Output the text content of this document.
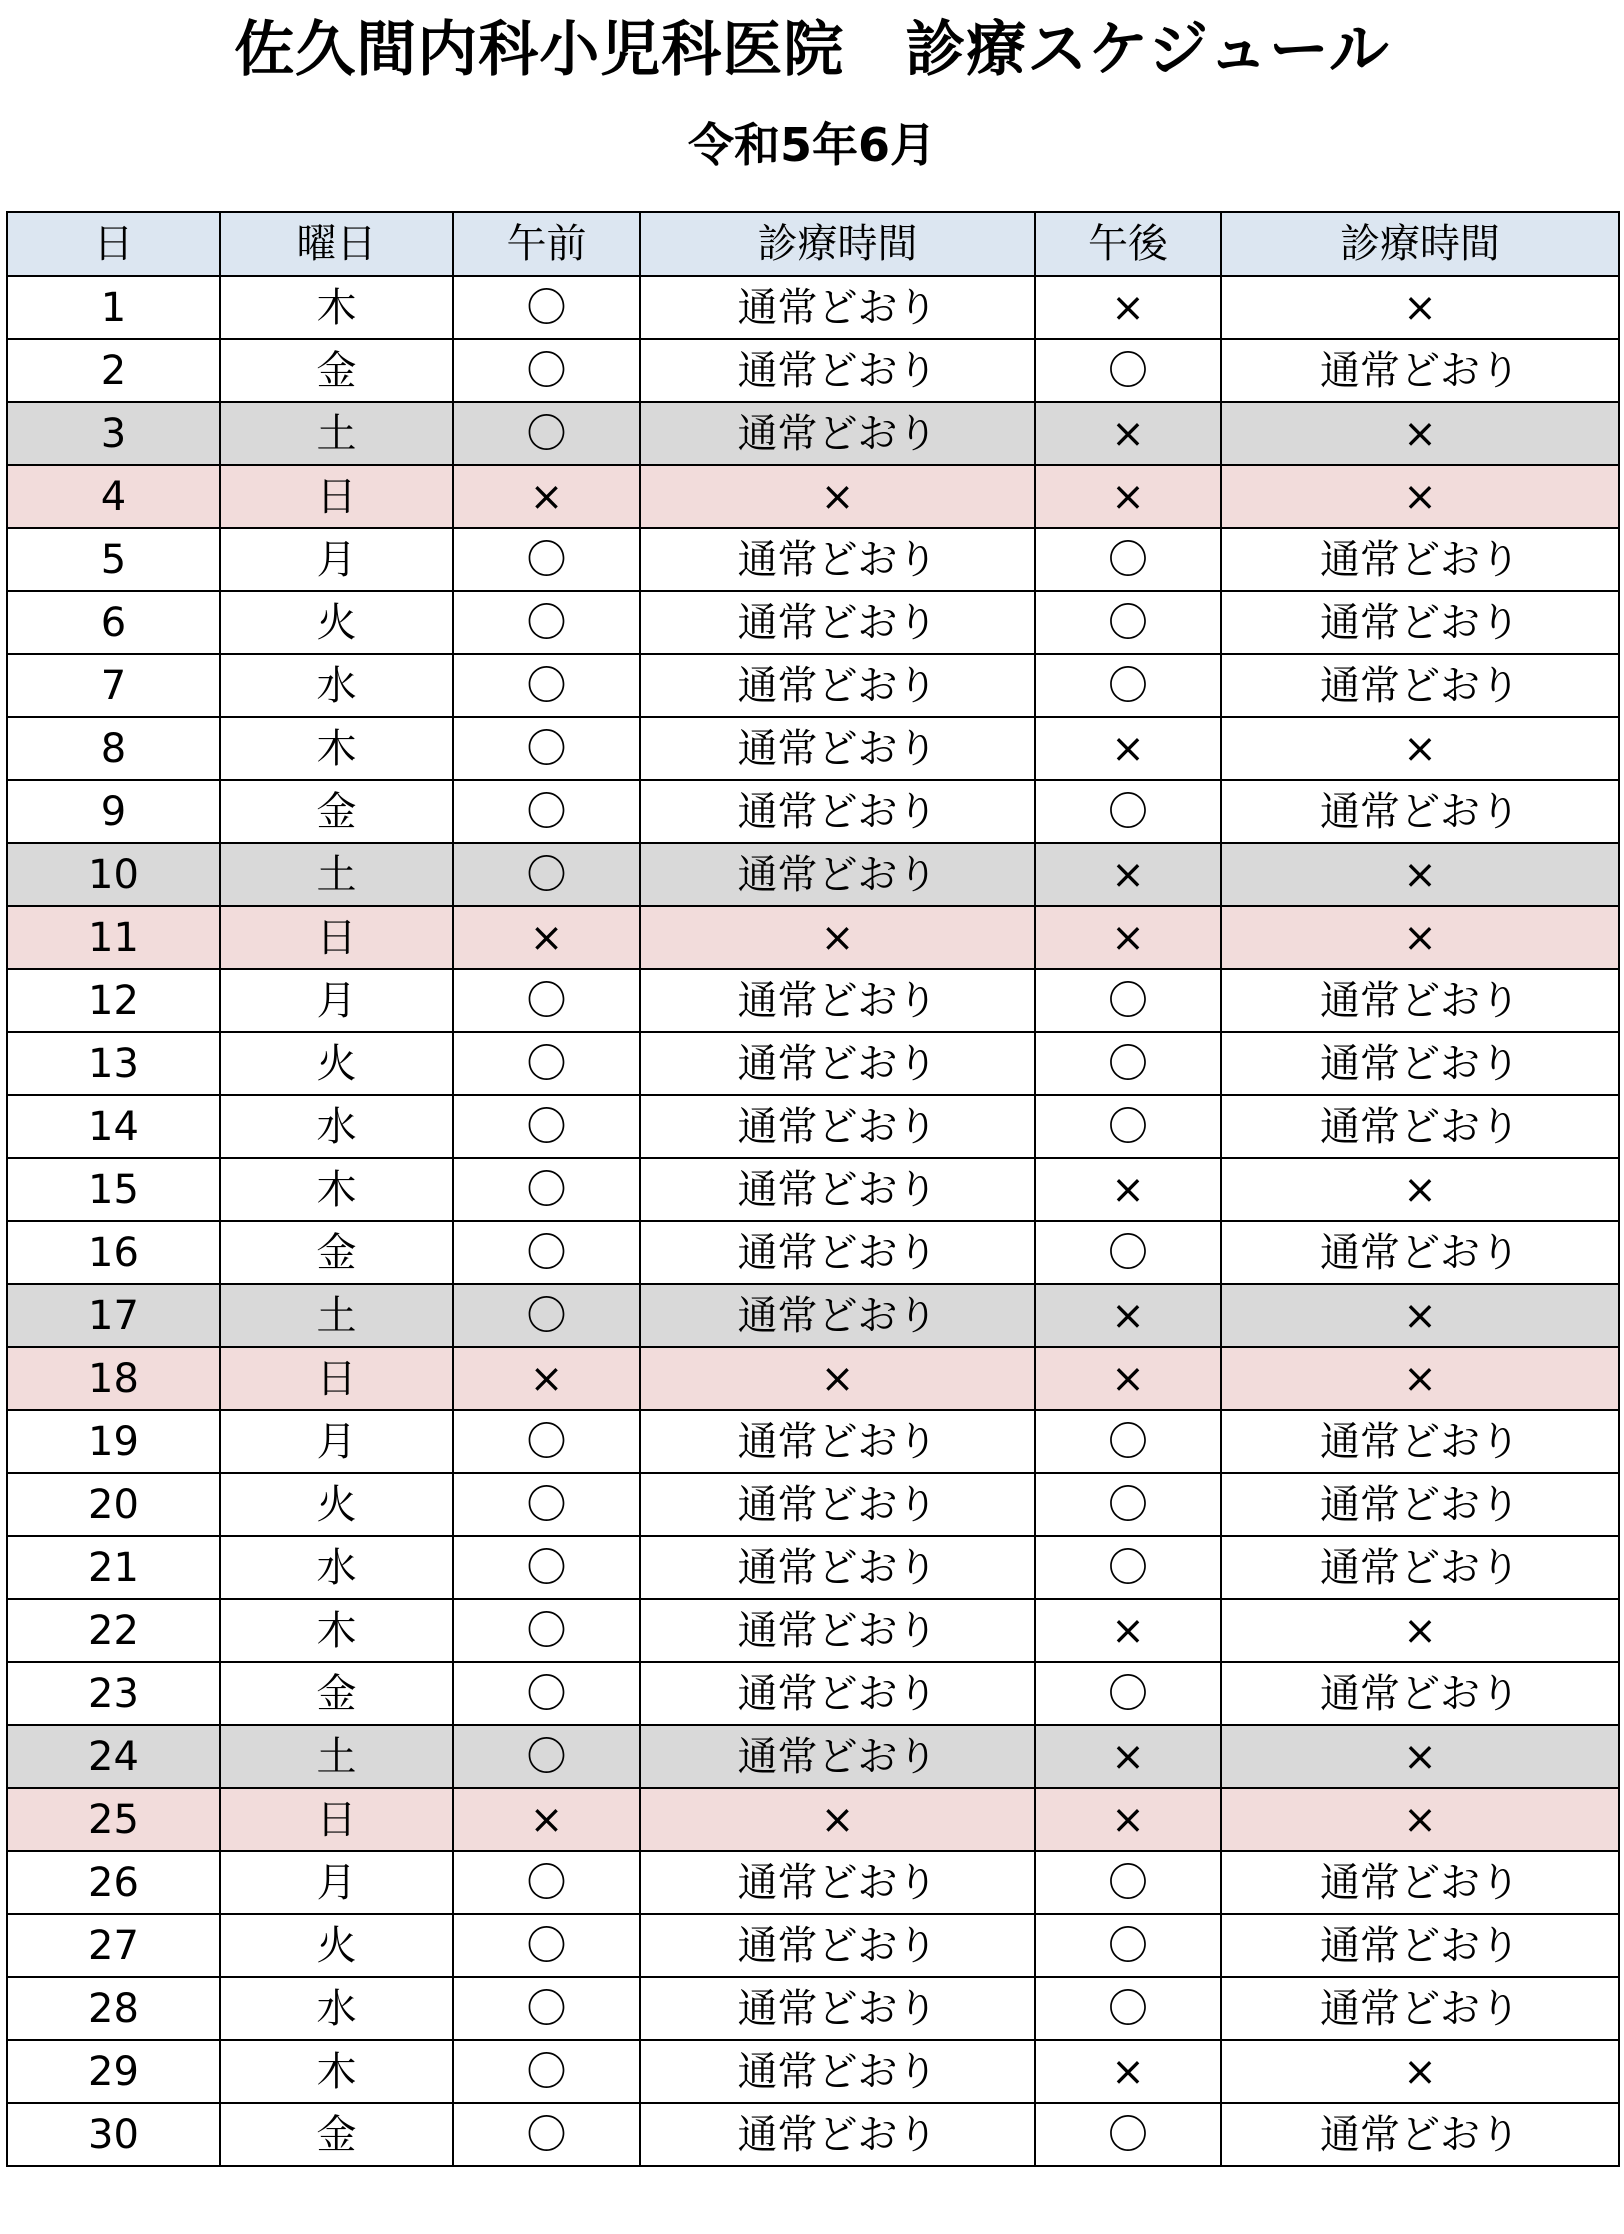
佐久間内科小児科医院　診療スケジュール
令和5年6月
日	曜日	午前	診療時間	午後	診療時間
1	木	〇	通常どおり	×	×
2	金	〇	通常どおり	〇	通常どおり
3	土	〇	通常どおり	×	×
4	日	×	×	×	×
5	月	〇	通常どおり	〇	通常どおり
6	火	〇	通常どおり	〇	通常どおり
7	水	〇	通常どおり	〇	通常どおり
8	木	〇	通常どおり	×	×
9	金	〇	通常どおり	〇	通常どおり
10	土	〇	通常どおり	×	×
11	日	×	×	×	×
12	月	〇	通常どおり	〇	通常どおり
13	火	〇	通常どおり	〇	通常どおり
14	水	〇	通常どおり	〇	通常どおり
15	木	〇	通常どおり	×	×
16	金	〇	通常どおり	〇	通常どおり
17	土	〇	通常どおり	×	×
18	日	×	×	×	×
19	月	〇	通常どおり	〇	通常どおり
20	火	〇	通常どおり	〇	通常どおり
21	水	〇	通常どおり	〇	通常どおり
22	木	〇	通常どおり	×	×
23	金	〇	通常どおり	〇	通常どおり
24	土	〇	通常どおり	×	×
25	日	×	×	×	×
26	月	〇	通常どおり	〇	通常どおり
27	火	〇	通常どおり	〇	通常どおり
28	水	〇	通常どおり	〇	通常どおり
29	木	〇	通常どおり	×	×
30	金	〇	通常どおり	〇	通常どおり
